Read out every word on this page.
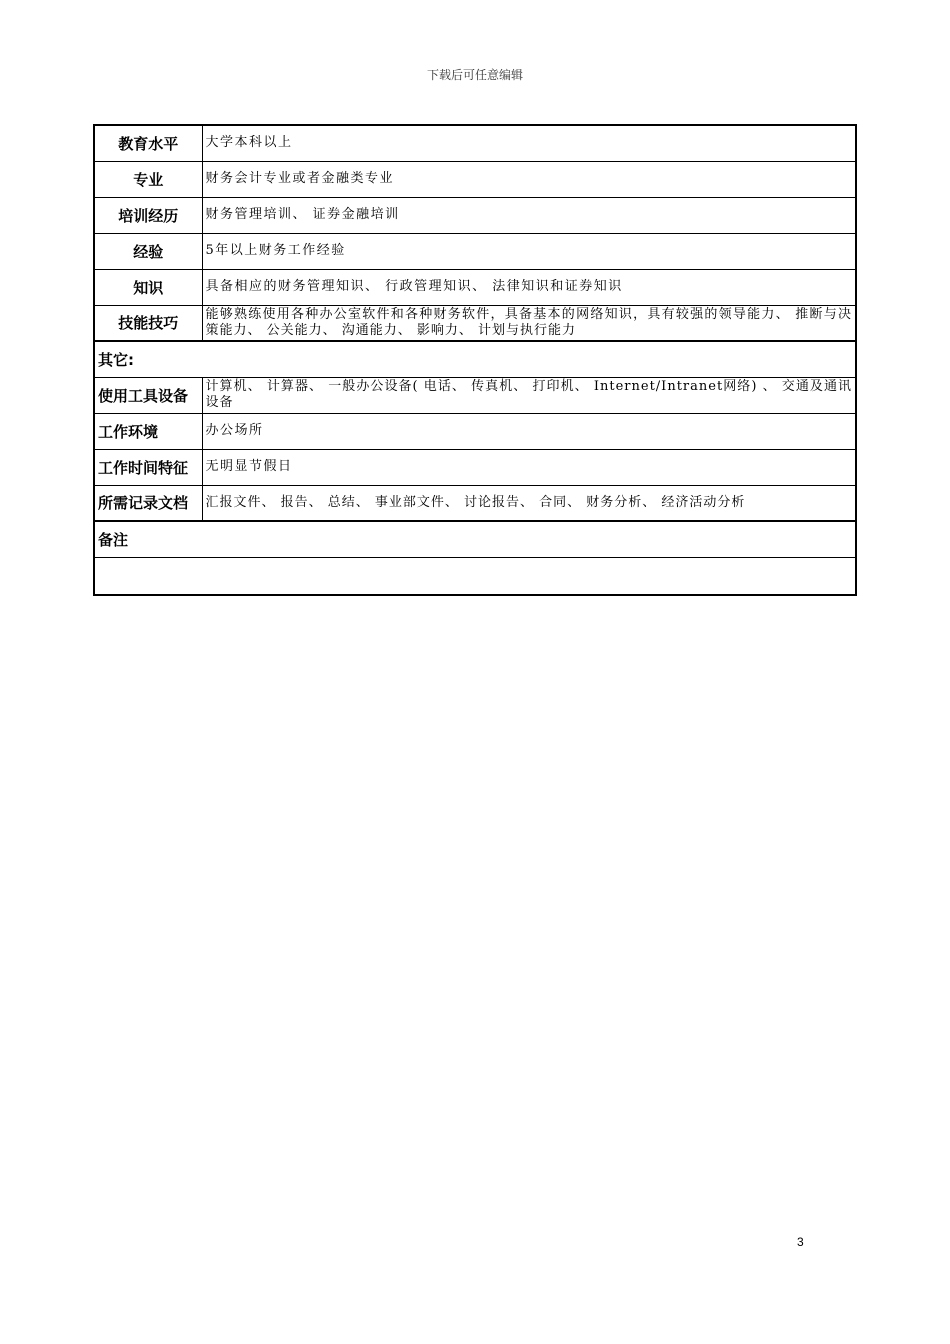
下载后可任意编辑
教育水平	大学本科以上
专业	财务会计专业或者金融类专业
培训经历	财务管理培训、 证券金融培训
经验	5年以上财务工作经验
知识	具备相应的财务管理知识、 行政管理知识、 法律知识和证券知识
技能技巧	能够熟练使用各种办公室软件和各种财务软件，具备基本的网络知识，具有较强的领导能力、 推断与决策能力、 公关能力、 沟通能力、 影响力、 计划与执行能力
其它:	
使用工具设备	计算机、 计算器、 一般办公设备( 电话、 传真机、 打印机、 Internet/Intranet网络) 、 交通及通讯设备
工作环境	办公场所
工作时间特征	无明显节假日
所需记录文档	汇报文件、 报告、 总结、 事业部文件、 讨论报告、 合同、 财务分析、 经济活动分析
备注	

3
